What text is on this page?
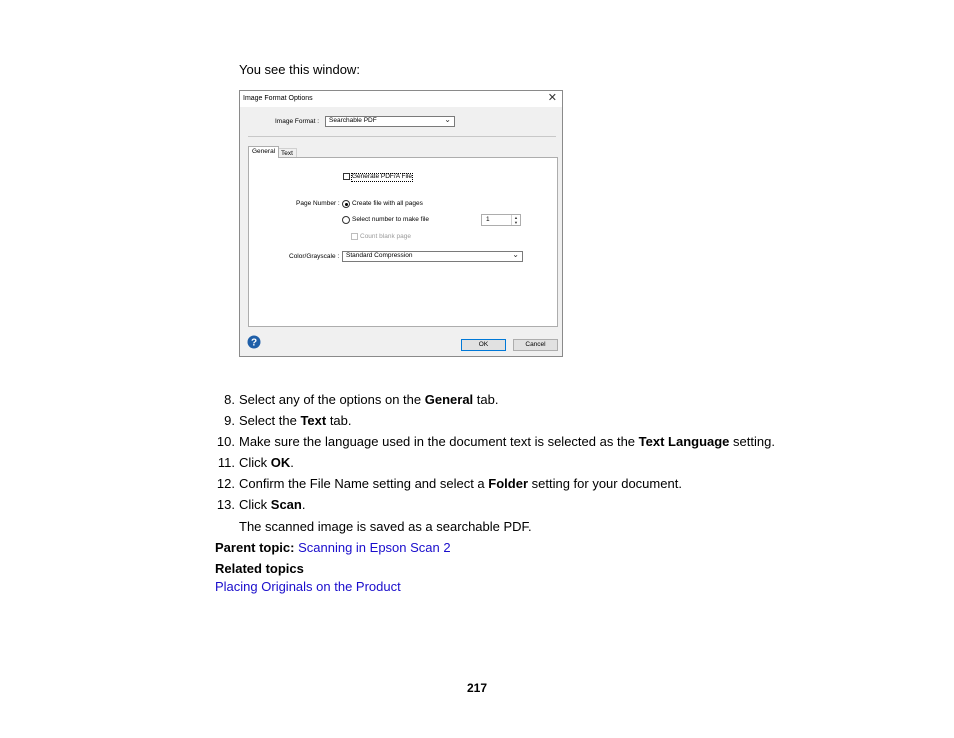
You see this window:
Image Format Options	✕
Image Format : Searchable PDF	⌄
General Text
Generate PDF/A File
Page Number : Create file with all pages
Select number to make file	1	▲
▼
Count blank page
Color/Grayscale : Standard Compression	⌄
?	OK	Cancel
8. Select any of the options on the General tab.
9. Select the Text tab.
10. Make sure the language used in the document text is selected as the Text Language setting.
11. Click OK.
12. Confirm the File Name setting and select a Folder setting for your document.
13. Click Scan.
The scanned image is saved as a searchable PDF.
Parent topic: Scanning in Epson Scan 2
Related topics
Placing Originals on the Product
217
